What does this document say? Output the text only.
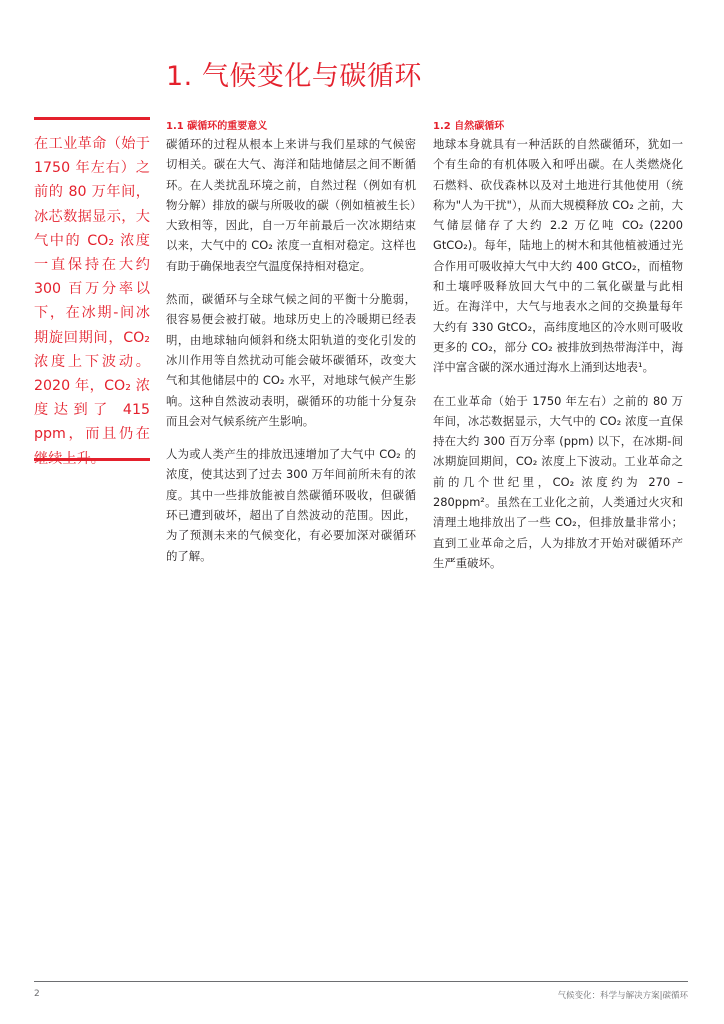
1. 气候变化与碳循环

在工业革命（始于 1750 年左右）之前的 80 万年间，冰芯数据显示，大气中的 CO₂ 浓度一直保持在大约 300 百万分率以下，在冰期-间冰期旋回期间，CO₂ 浓度上下波动。2020 年，CO₂ 浓度达到了 415 ppm，而且仍在

1.1 碳循环的重要意义

碳循环的过程从根本上来讲与我们星球的气候密切相关。碳在大气、海洋和陆地储层之间不断循环。在人类扰乱环境之前，自然过程（例如有机物分解）排放的碳与所吸收的碳（例如植被生长）大致相等，因此，自一万年前最后一次冰期结束以来，大气中的 CO₂ 浓度一直相对稳定。这样也有助于确保地表空气温度保持相对稳定。

然而，碳循环与全球气候之间的平衡十分脆弱，很容易便会被打破。地球历史上的冷暖期已经表明，由地球轴向倾斜和绕太阳轨道的变化引发的冰川作用等自然扰动可能会破坏碳循环，改变大气和其他储层中的 CO₂ 水平，对地球气候产生影响。这种自然波动表明，碳循环的功能十分复杂而且会对气候系统产生影响。

人为或人类产生的排放迅速增加了大气中 CO₂ 的浓度，使其达到了过去 300 万年间前所未有的浓度。其中一些排放能被自然碳循环吸收，但碳循环已遭到破坏，超出了自然波动的范围。因此，为了预测未来的气候变化，有必要加深对碳循环的了解。

1.2 自然碳循环

地球本身就具有一种活跃的自然碳循环，犹如一个有生命的有机体吸入和呼出碳。在人类燃烧化石燃料、砍伐森林以及对土地进行其他使用（统称为"人为干扰"），从而大规模释放 CO₂ 之前，大气储层储存了大约 2.2 万亿吨 CO₂ (2200 GtCO₂)。每年，陆地上的树木和其他植被通过光合作用可吸收掉大气中大约 400 GtCO₂，而植物和土壤呼吸释放回大气中的二氧化碳量与此相近。在海洋中，大气与地表水之间的交换量每年大约有 330 GtCO₂，高纬度地区的冷水则可吸收更多的 CO₂，部分 CO₂ 被排放到热带海洋中，海洋中富含碳的深水通过海水上涌到达地表¹。

在工业革命（始于 1750 年左右）之前的 80 万年间，冰芯数据显示，大气中的 CO₂ 浓度一直保持在大约 300 百万分率 (ppm) 以下，在冰期-间冰期旋回期间，CO₂ 浓度上下波动。工业革命之前的几个世纪里，CO₂ 浓度约为 270 – 280ppm²。虽然在工业化之前，人类通过火灾和清理土地排放出了一些 CO₂，但排放量非常小；直到工业革命之后，人为排放才开始对碳循环产生严重破坏。

2	气候变化：科学与解决方案|碳循环
